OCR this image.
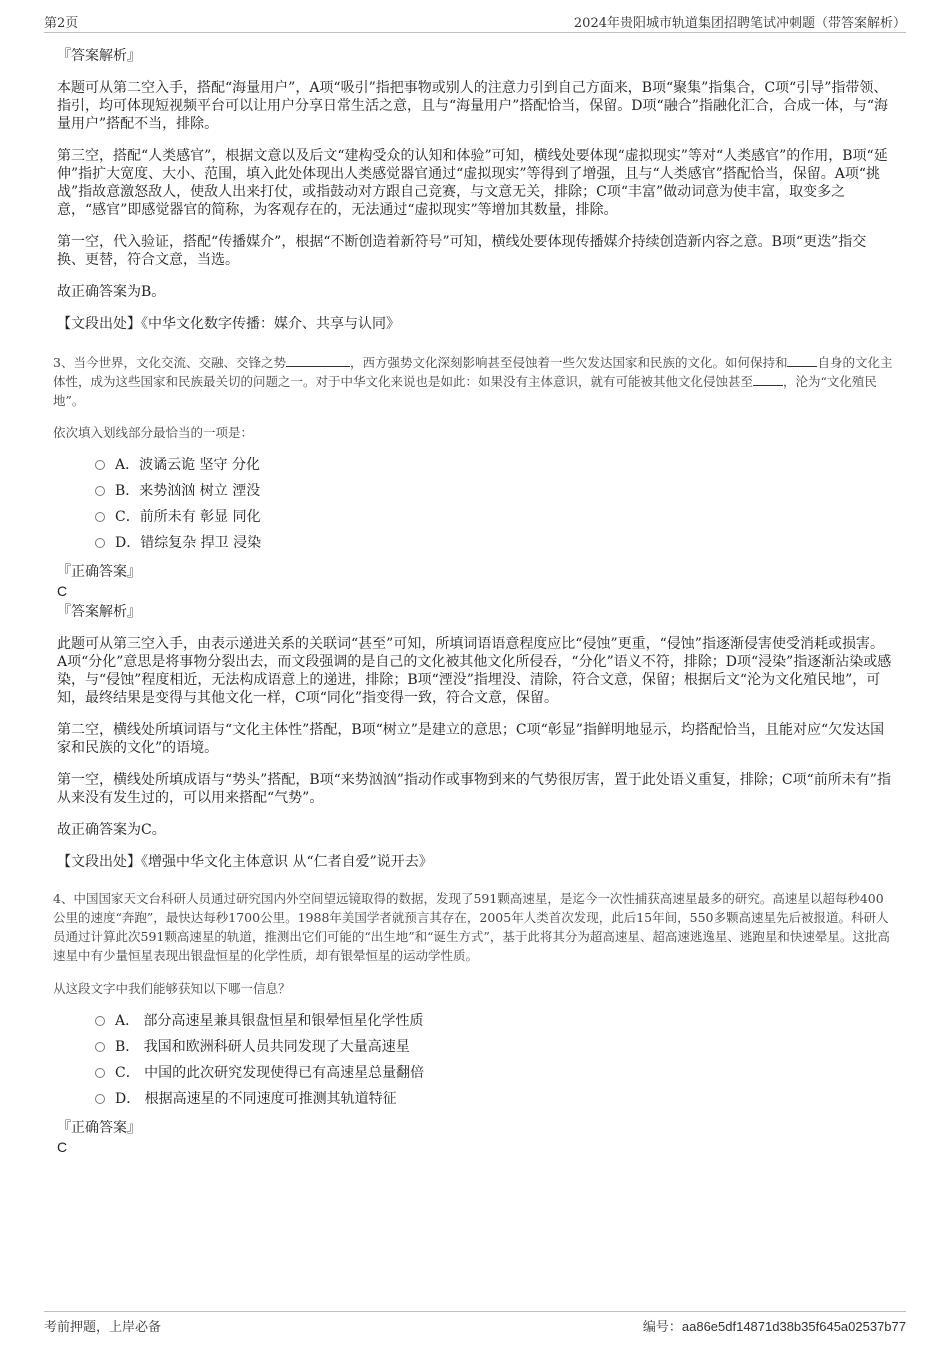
第2页	2024年贵阳城市轨道集团招聘笔试冲刺题（带答案解析）

『答案解析』

本题可从第二空入手，搭配“海量用户”，A项“吸引”指把事物或别人的注意力引到自己方面来，B项“聚集”指集合，C项“引导”指带领、指引，均可体现短视频平台可以让用户分享日常生活之意，且与“海量用户”搭配恰当，保留。D项“融合”指融化汇合，合成一体，与“海量用户”搭配不当，排除。

第三空，搭配“人类感官”，根据文意以及后文“建构受众的认知和体验”可知，横线处要体现“虚拟现实”等对“人类感官”的作用，B项“延伸”指扩大宽度、大小、范围，填入此处体现出人类感觉器官通过“虚拟现实”等得到了增强，且与“人类感官”搭配恰当，保留。A项“挑战”指故意激怒敌人，使敌人出来打仗，或指鼓动对方跟自己竞赛，与文意无关，排除；C项“丰富”做动词意为使丰富，取变多之意，“感官”即感觉器官的简称，为客观存在的，无法通过“虚拟现实”等增加其数量，排除。

第一空，代入验证，搭配“传播媒介”，根据“不断创造着新符号”可知，横线处要体现传播媒介持续创造新内容之意。B项“更迭”指交换、更替，符合文意，当选。

故正确答案为B。

【文段出处】《中华文化数字传播：媒介、共享与认同》

3、当今世界，文化交流、交融、交锋之势	，西方强势文化深刻影响甚至侵蚀着一些欠发达国家和民族的文化。如何保持和 自身的文化主体性，成为这些国家和民族最关切的问题之一。对于中华文化来说也是如此：如果没有主体意识，就有可能被其他文化侵蚀甚至 ，沦为“文化殖民地”。

依次填入划线部分最恰当的一项是：

A．波谲云诡 坚守 分化
B．来势汹汹 树立 湮没
C．前所未有 彰显 同化
D．错综复杂 捍卫 浸染

『正确答案』

C

『答案解析』

此题可从第三空入手，由表示递进关系的关联词“甚至”可知，所填词语语意程度应比“侵蚀”更重，“侵蚀”指逐渐侵害使受消耗或损害。A项“分化”意思是将事物分裂出去，而文段强调的是自己的文化被其他文化所侵吞，“分化”语义不符，排除；D项“浸染”指逐渐沾染或感染，与“侵蚀”程度相近，无法构成语意上的递进，排除；B项“湮没”指埋没、清除，符合文意，保留；根据后文“沦为文化殖民地”，可知，最终结果是变得与其他文化一样，C项“同化”指变得一致，符合文意，保留。

第二空，横线处所填词语与“文化主体性”搭配，B项“树立”是建立的意思；C项“彰显”指鲜明地显示，均搭配恰当，且能对应“欠发达国家和民族的文化”的语境。

第一空，横线处所填成语与“势头”搭配，B项“来势汹汹”指动作或事物到来的气势很厉害，置于此处语义重复，排除；C项“前所未有”指从来没有发生过的，可以用来搭配“气势”。

故正确答案为C。

【文段出处】《增强中华文化主体意识 从“仁者自爱”说开去》

4、中国国家天文台科研人员通过研究国内外空间望远镜取得的数据，发现了591颗高速星，是迄今一次性捕获高速星最多的研究。高速星以超每秒400公里的速度“奔跑”，最快达每秒1700公里。1988年美国学者就预言其存在，2005年人类首次发现，此后15年间，550多颗高速星先后被报道。科研人员通过计算此次591颗高速星的轨道，推测出它们可能的“出生地”和“诞生方式”，基于此将其分为超高速星、超高速逃逸星、逃跑星和快速晕星。这批高速星中有少量恒星表现出银盘恒星的化学性质，却有银晕恒星的运动学性质。

从这段文字中我们能够获知以下哪一信息？

A． 部分高速星兼具银盘恒星和银晕恒星化学性质
B． 我国和欧洲科研人员共同发现了大量高速星
C． 中国的此次研究发现使得已有高速星总量翻倍
D． 根据高速星的不同速度可推测其轨道特征

『正确答案』

C

考前押题，上岸必备	编号：aa86e5df14871d38b35f645a02537b77
